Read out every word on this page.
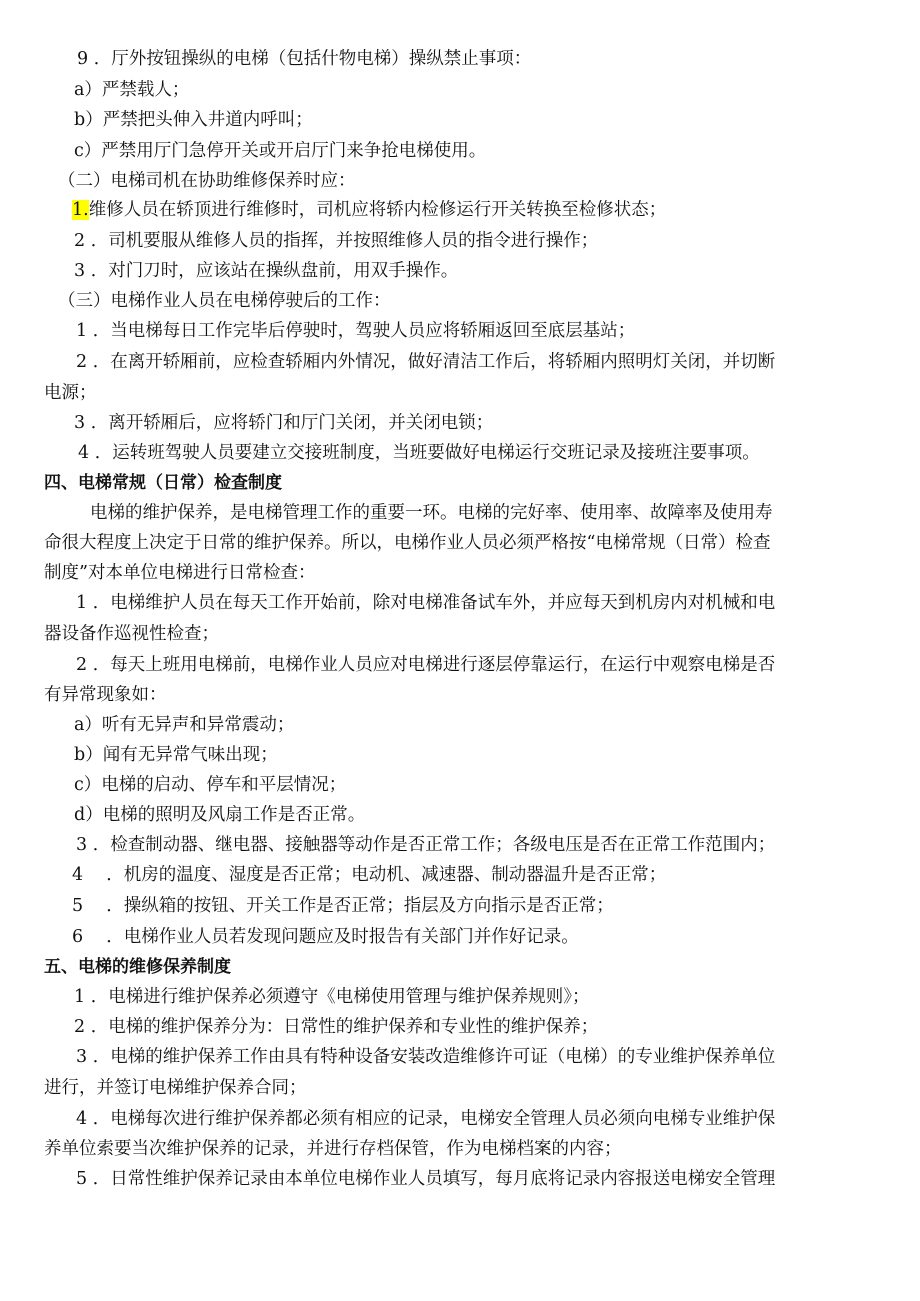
9 ．厅外按钮操纵的电梯（包括什物电梯）操纵禁止事项：
a）严禁载人；
b）严禁把头伸入井道内呼叫；
c）严禁用厅门急停开关或开启厅门来争抢电梯使用。
（二）电梯司机在协助维修保养时应：
1.维修人员在轿顶进行维修时，司机应将轿内检修运行开关转换至检修状态；
2 ．司机要服从维修人员的指挥，并按照维修人员的指令进行操作；
3 ．对门刀时，应该站在操纵盘前，用双手操作。
（三）电梯作业人员在电梯停驶后的工作：
1 ．当电梯每日工作完毕后停驶时，驾驶人员应将轿厢返回至底层基站；
2 ．在离开轿厢前，应检查轿厢内外情况，做好清洁工作后，将轿厢内照明灯关闭，并切断
电源；
3 ．离开轿厢后，应将轿门和厅门关闭，并关闭电锁；
4 ．运转班驾驶人员要建立交接班制度，当班要做好电梯运行交班记录及接班注要事项。
四、电梯常规（日常）检查制度
电梯的维护保养，是电梯管理工作的重要一环。电梯的完好率、使用率、故障率及使用寿
命很大程度上决定于日常的维护保养。所以，电梯作业人员必须严格按“电梯常规（日常）检查
制度”对本单位电梯进行日常检查：
1 ．电梯维护人员在每天工作开始前，除对电梯准备试车外，并应每天到机房内对机械和电
器设备作巡视性检查；
2 ．每天上班用电梯前，电梯作业人员应对电梯进行逐层停靠运行，在运行中观察电梯是否
有异常现象如：
a）听有无异声和异常震动；
b）闻有无异常气味出现；
c）电梯的启动、停车和平层情况；
d）电梯的照明及风扇工作是否正常。
3 ．检查制动器、继电器、接触器等动作是否正常工作；各级电压是否在正常工作范围内；
4 　．机房的温度、湿度是否正常；电动机、减速器、制动器温升是否正常；
5 　．操纵箱的按钮、开关工作是否正常；指层及方向指示是否正常；
6 　．电梯作业人员若发现问题应及时报告有关部门并作好记录。
五、电梯的维修保养制度
1 ．电梯进行维护保养必须遵守《电梯使用管理与维护保养规则》；
2 ．电梯的维护保养分为：日常性的维护保养和专业性的维护保养；
3 ．电梯的维护保养工作由具有特种设备安装改造维修许可证（电梯）的专业维护保养单位
进行，并签订电梯维护保养合同；
4 ．电梯每次进行维护保养都必须有相应的记录，电梯安全管理人员必须向电梯专业维护保
养单位索要当次维护保养的记录，并进行存档保管，作为电梯档案的内容；
5 ．日常性维护保养记录由本单位电梯作业人员填写，每月底将记录内容报送电梯安全管理
